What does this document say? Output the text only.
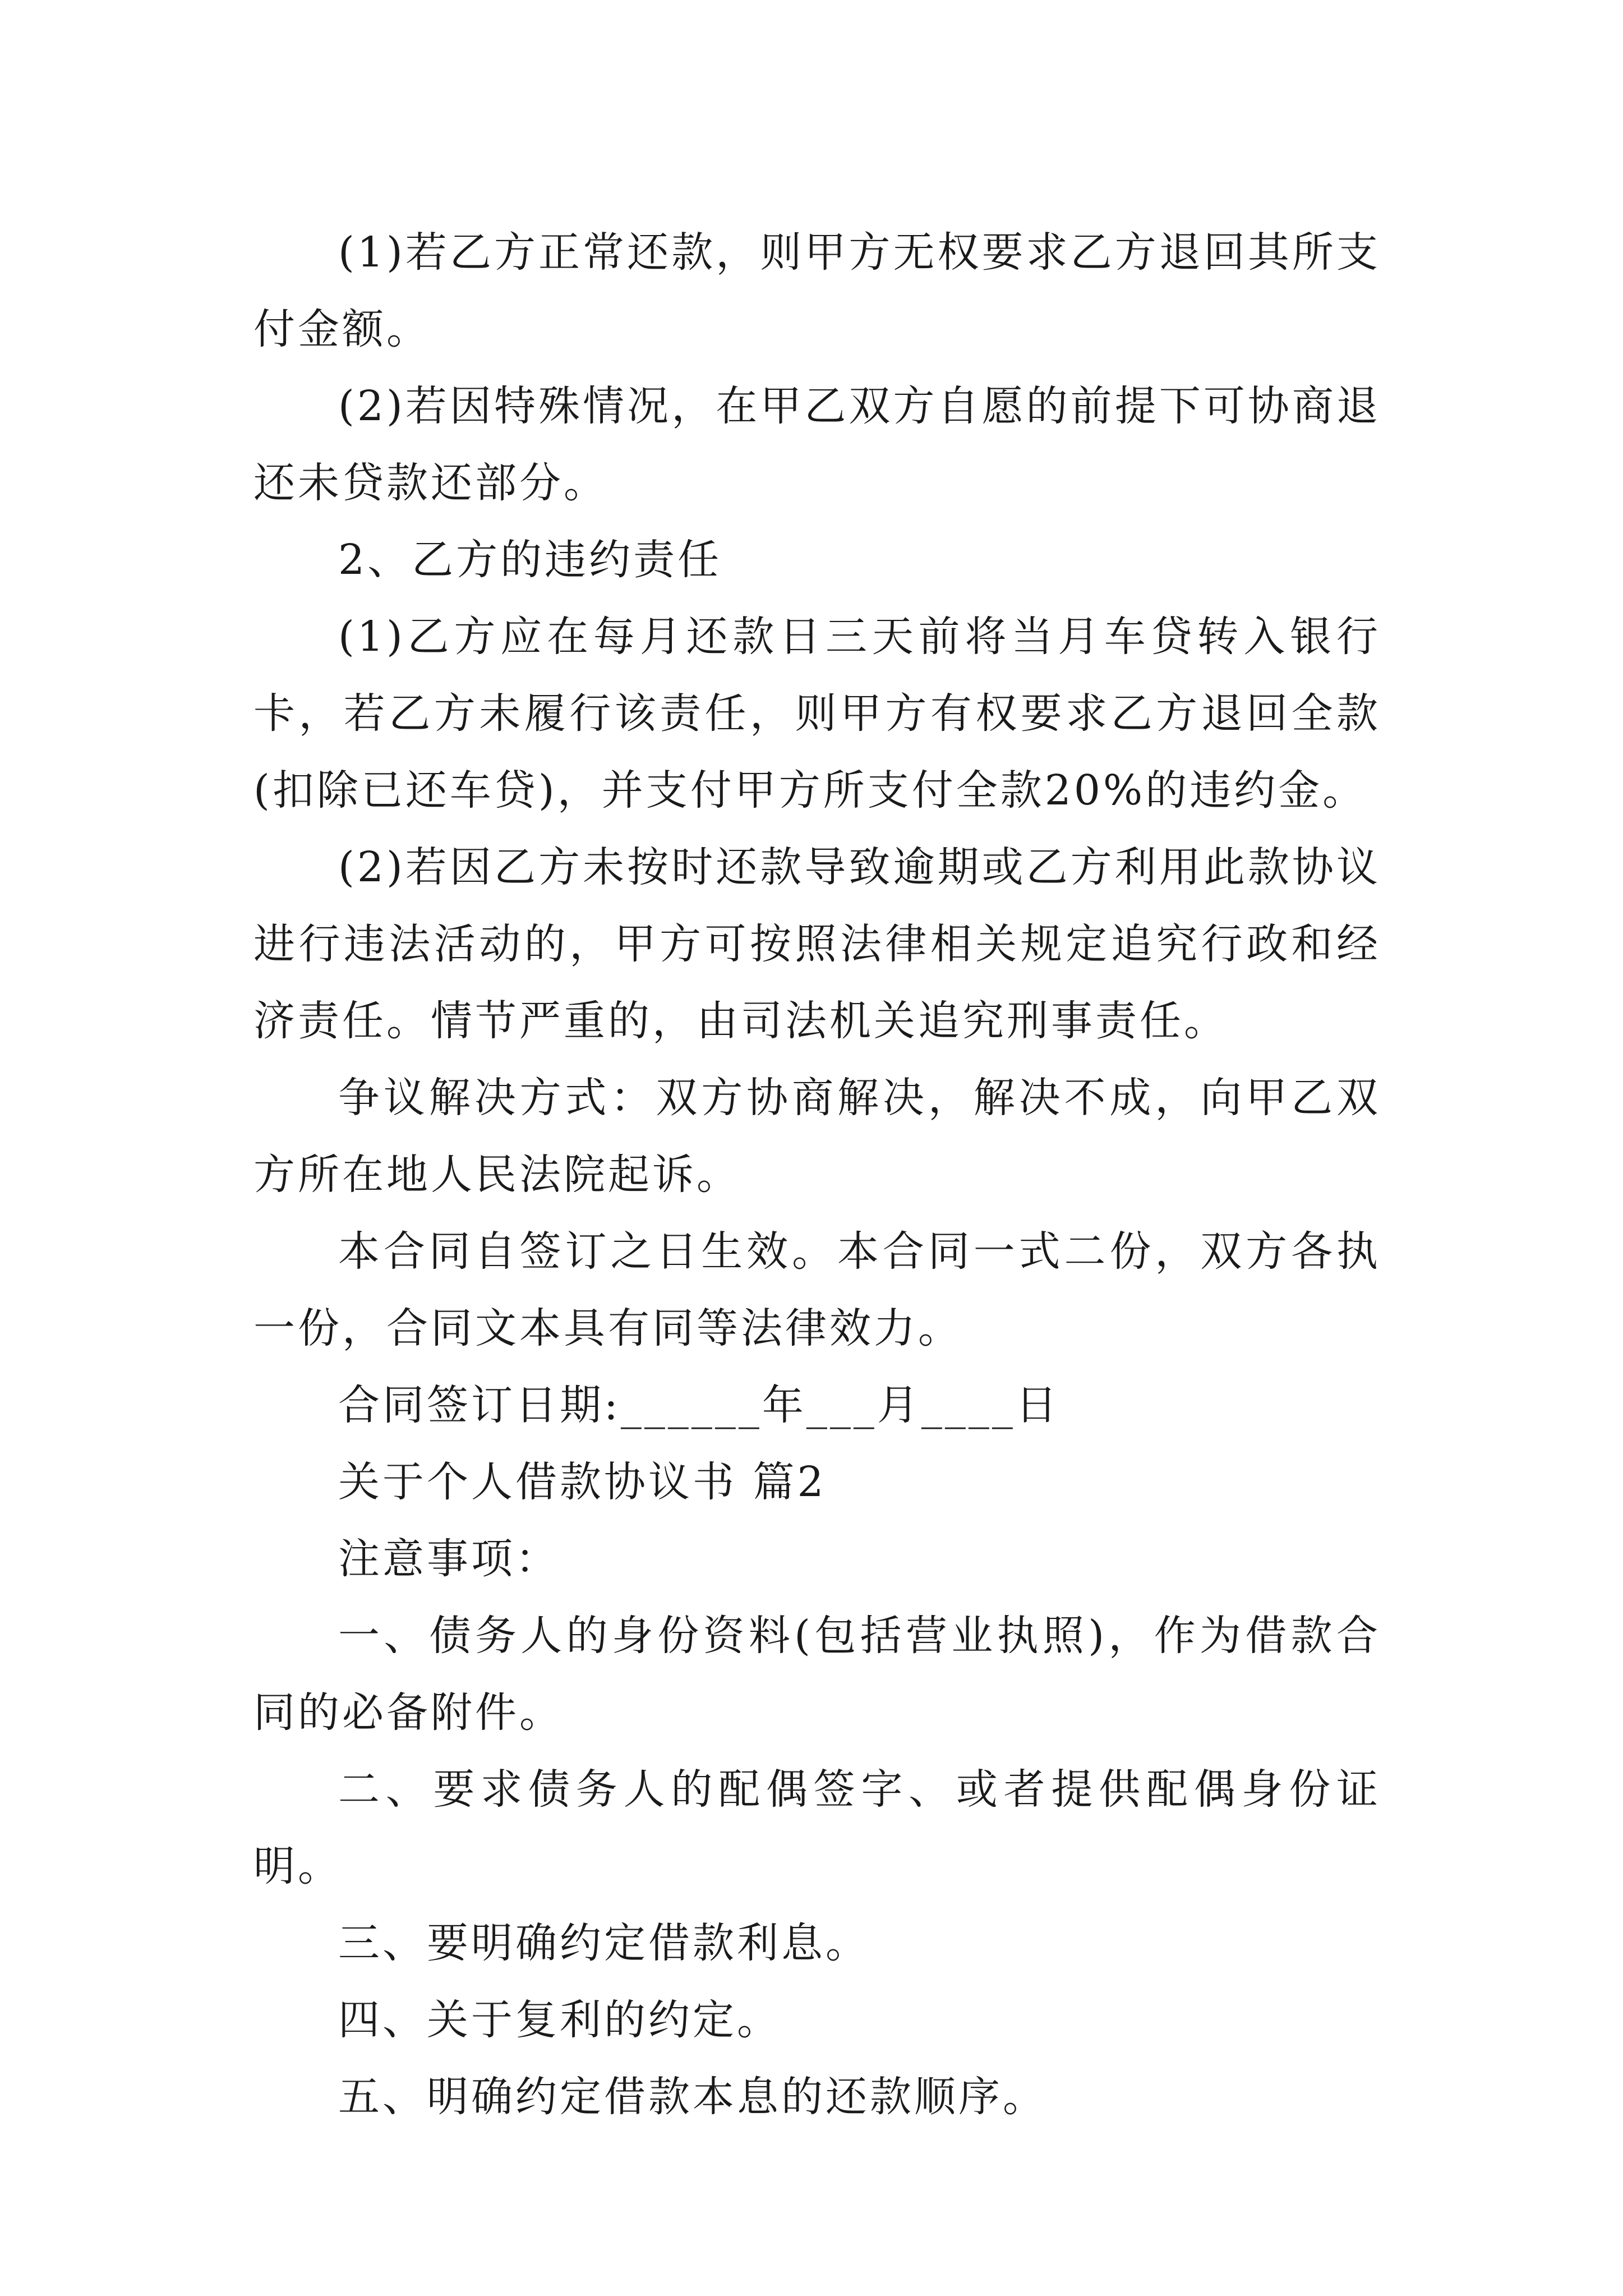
(1)若乙方正常还款，则甲方无权要求乙方退回其所支付金额。

(2)若因特殊情况，在甲乙双方自愿的前提下可协商退还未贷款还部分。

2、乙方的违约责任

(1)乙方应在每月还款日三天前将当月车贷转入银行卡，若乙方未履行该责任，则甲方有权要求乙方退回全款(扣除已还车贷)，并支付甲方所支付全款20%的违约金。

(2)若因乙方未按时还款导致逾期或乙方利用此款协议进行违法活动的，甲方可按照法律相关规定追究行政和经济责任。情节严重的，由司法机关追究刑事责任。

争议解决方式：双方协商解决，解决不成，向甲乙双方所在地人民法院起诉。

本合同自签订之日生效。本合同一式二份，双方各执一份，合同文本具有同等法律效力。

合同签订日期:______年___月____日

关于个人借款协议书 篇2

注意事项：

一、债务人的身份资料(包括营业执照)，作为借款合同的必备附件。

二、要求债务人的配偶签字、或者提供配偶身份证明。

三、要明确约定借款利息。

四、关于复利的约定。

五、明确约定借款本息的还款顺序。
